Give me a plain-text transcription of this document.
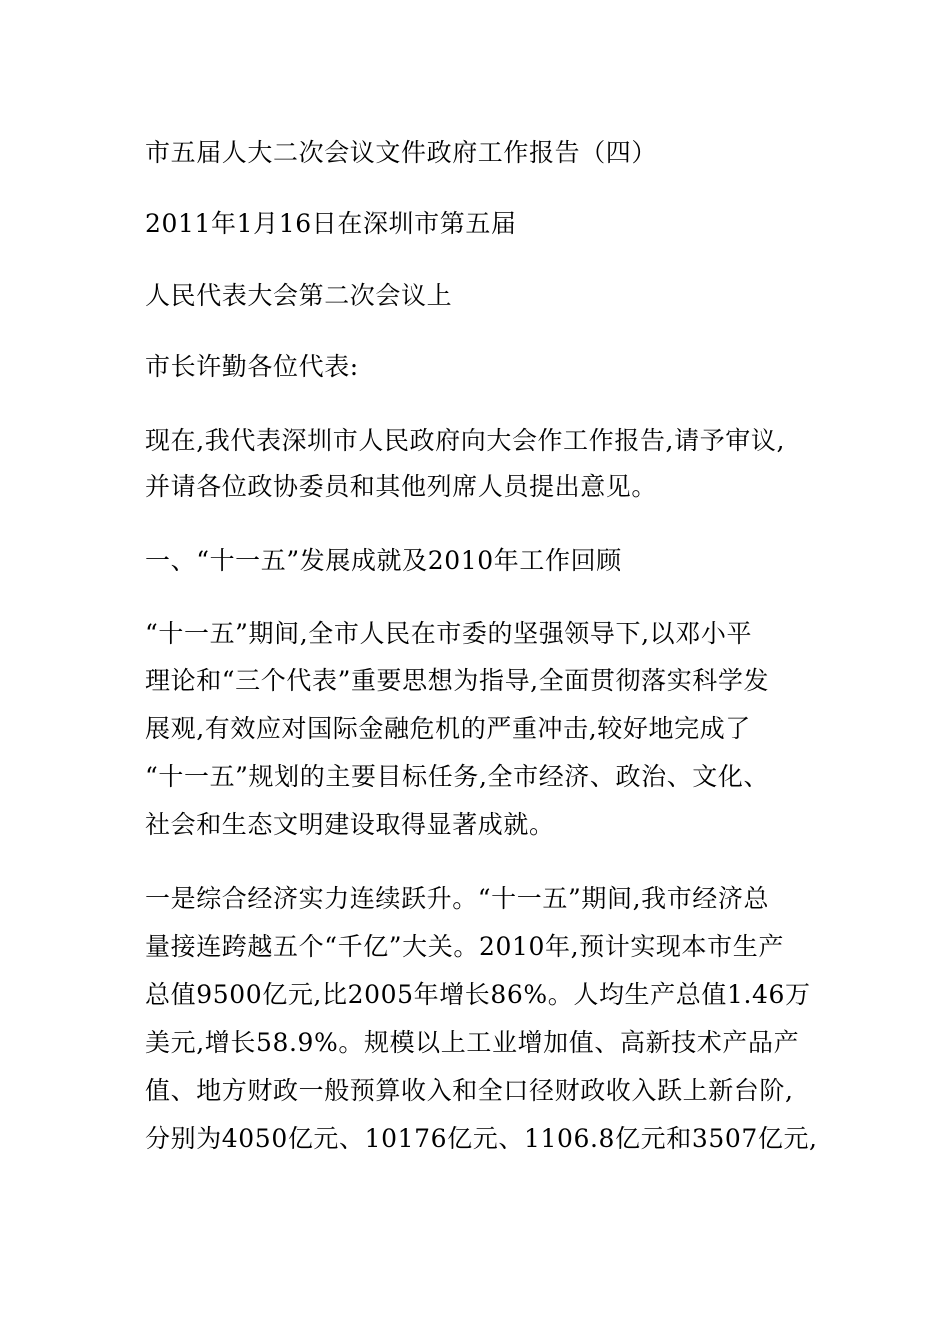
市五届人大二次会议文件政府工作报告（四）
2011年1月16日在深圳市第五届
人民代表大会第二次会议上
市长许勤各位代表:
现在,我代表深圳市人民政府向大会作工作报告,请予审议,
并请各位政协委员和其他列席人员提出意见。
一、“十一五”发展成就及2010年工作回顾
“十一五”期间,全市人民在市委的坚强领导下,以邓小平
理论和“三个代表”重要思想为指导,全面贯彻落实科学发
展观,有效应对国际金融危机的严重冲击,较好地完成了
“十一五”规划的主要目标任务,全市经济、政治、文化、
社会和生态文明建设取得显著成就。
一是综合经济实力连续跃升。“十一五”期间,我市经济总
量接连跨越五个“千亿”大关。2010年,预计实现本市生产
总值9500亿元,比2005年增长86%。人均生产总值1.46万
美元,增长58.9%。规模以上工业增加值、高新技术产品产
值、地方财政一般预算收入和全口径财政收入跃上新台阶,
分别为4050亿元、10176亿元、1106.8亿元和3507亿元,
